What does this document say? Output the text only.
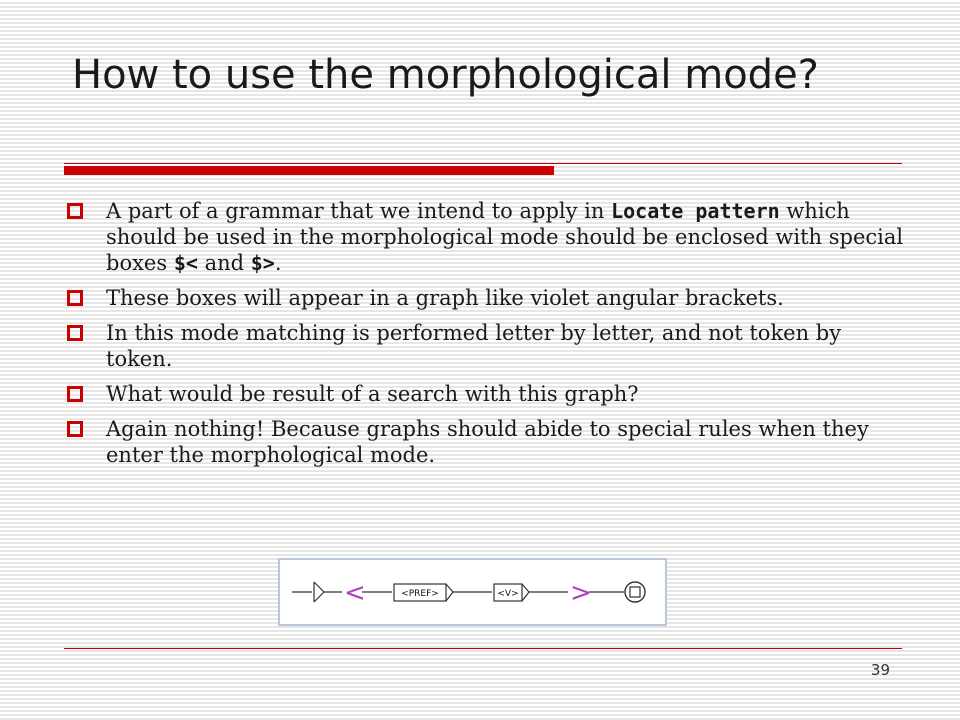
How to use the morphological mode?
A part of a grammar that we intend to apply in Locate pattern which should be used in the morphological mode should be enclosed with special boxes $< and $>.
These boxes will appear in a graph like violet angular brackets.
In this mode matching is performed letter by letter, and not token by token.
What would be result of a search with this graph?
Again nothing! Because graphs should abide to special rules when they enter the morphological mode.
<	<PREF>	<V> >
39
